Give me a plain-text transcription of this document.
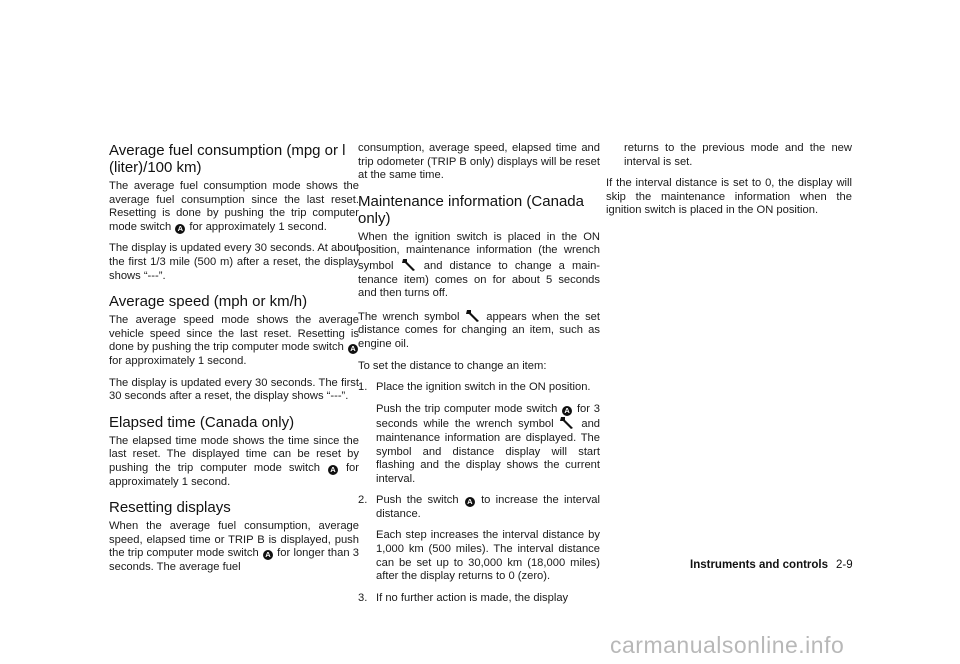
Average fuel consumption (mpg or l (liter)/100 km)

The average fuel consumption mode shows the average fuel consumption since the last reset. Resetting is done by pushing the trip computer mode switch A for approximately 1 second.

The display is updated every 30 seconds. At about the first 1/3 mile (500 m) after a reset, the display shows “---”.

Average speed (mph or km/h)

The average speed mode shows the average vehicle speed since the last reset. Resetting is done by pushing the trip computer mode switch A for approximately 1 second.

The display is updated every 30 seconds. The first 30 seconds after a reset, the display shows “---”.

Elapsed time (Canada only)

The elapsed time mode shows the time since the last reset. The displayed time can be reset by pushing the trip computer mode switch A for approximately 1 second.

Resetting displays

When the average fuel consumption, average speed, elapsed time or TRIP B is displayed, push the trip computer mode switch A for longer than 3 seconds. The average fuel

consumption, average speed, elapsed time and trip odometer (TRIP B only) displays will be reset at the same time.

Maintenance information (Canada only)

When the ignition switch is placed in the ON position, maintenance information (the wrench symbol	and distance to change a main-tenance item) comes on for about 5 seconds and then turns off.

The wrench symbol appears when the set distance comes for changing an item, such as engine oil.

To set the distance to change an item:

1. Place the ignition switch in the ON position.

Push the trip computer mode switch A for 3 seconds while the wrench symbol and maintenance information are displayed. The symbol and distance display will start flashing and the display shows the current interval.

2. Push the switch A to increase the interval distance.

Each step increases the interval distance by 1,000 km (500 miles). The interval distance can be set up to 30,000 km (18,000 miles) after the display returns to 0 (zero).

3. If no further action is made, the display

returns to the previous mode and the new interval is set.

If the interval distance is set to 0, the display will skip the maintenance information when the ignition switch is placed in the ON position.

Instruments and controls 2-9
carmanualsonline.info
